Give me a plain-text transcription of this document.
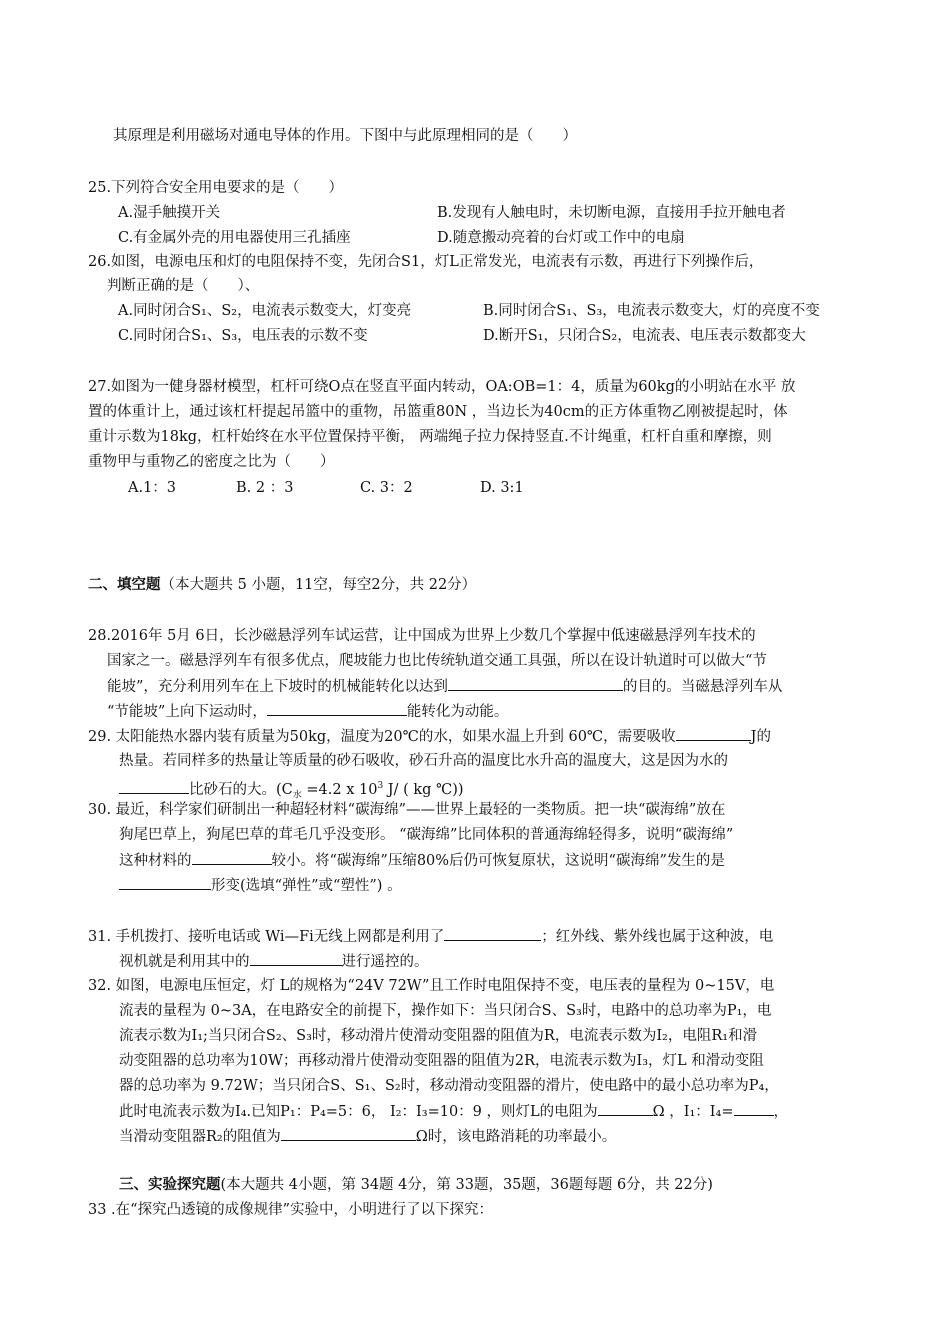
其原理是利用磁场对通电导体的作用。下图中与此原理相同的是（　　）
25.下列符合安全用电要求的是（　　）
A.湿手触摸开关	B.发现有人触电时，未切断电源，直接用手拉开触电者
C.有金属外壳的用电器使用三孔插座	D.随意搬动亮着的台灯或工作中的电扇
26.如图，电源电压和灯的电阻保持不变，先闭合S1，灯L正常发光，电流表有示数，再进行下列操作后，
判断正确的是（　　）、
A.同时闭合S₁、S₂，电流表示数变大，灯变亮	B.同时闭合S₁、S₃，电流表示数变大，灯的亮度不变
C.同时闭合S₁、S₃，电压表的示数不变	D.断开S₁，只闭合S₂，电流表、电压表示数都变大
27.如图为一健身器材模型，杠杆可绕O点在竖直平面内转动，OA:OB=1：4，质量为60kg的小明站在水平 放
置的体重计上，通过该杠杆提起吊篮中的重物，吊篮重80N ，当边长为40cm的正方体重物乙刚被提起时，体
重计示数为18kg，杠杆始终在水平位置保持平衡， 两端绳子拉力保持竖直.不计绳重，杠杆自重和摩擦，则
重物甲与重物乙的密度之比为（　　）
A.1：3	B. 2 ：3	C. 3：2	D. 3:1
二、填空题（本大题共 5 小题，11空，每空2分，共 22分）
28.2016年 5月 6日，长沙磁悬浮列车试运营，让中国成为世界上少数几个掌握中低速磁悬浮列车技术的
国家之一。磁悬浮列车有很多优点，爬坡能力也比传统轨道交通工具强，所以在设计轨道时可以做大“节
能坡”，充分利用列车在上下坡时的机械能转化以达到	的目的。当磁悬浮列车从
“节能坡”上向下运动时，	能转化为动能。
29. 太阳能热水器内装有质量为50kg，温度为20℃的水，如果水温上升到 60℃，需要吸收	J的
热量。若同样多的热量让等质量的砂石吸收，砂石升高的温度比水升高的温度大，这是因为水的
比砂石的大。($C_水 =4.2$ x $10^3$ J/ ( kg ℃))
30. 最近，科学家们研制出一种超轻材料“碳海绵”——世界上最轻的一类物质。把一块“碳海绵”放在
狗尾巴草上，狗尾巴草的茸毛几乎没变形。 “碳海绵”比同体积的普通海绵轻得多，说明“碳海绵”
这种材料的	较小。将“碳海绵”压缩80%后仍可恢复原状，这说明“碳海绵”发生的是
形变(选填“弹性”或“塑性”) 。
31. 手机拨打、接听电话或 Wi—Fi无线上网都是利用了	；红外线、紫外线也属于这种波，电
视机就是利用其中的	进行遥控的。
32. 如图，电源电压恒定，灯 L的规格为“24V 72W”且工作时电阻保持不变，电压表的量程为 0~15V，电
流表的量程为 0~3A，在电路安全的前提下，操作如下：当只闭合S、S₃时，电路中的总功率为P₁，电
流表示数为I₁;当只闭合S₂、S₃时，移动滑片使滑动变阻器的阻值为R，电流表示数为I₂，电阻R₁和滑
动变阻器的总功率为10W；再移动滑片使滑动变阻器的阻值为2R，电流表示数为I₃，灯L 和滑动变阻
器的总功率为 9.72W；当只闭合S、S₁、S₂时，移动滑动变阻器的滑片，使电路中的最小总功率为P₄，
此时电流表示数为I₄.已知P₁：P₄=5：6， I₂：I₃=10：9 ，则灯L的电阻为	Ω ，I₁：I₄=	，
当滑动变阻器R₂的阻值为	Ω时，该电路消耗的功率最小。
三、实验探究题(本大题共 4小题，第 34题 4分，第 33题，35题，36题每题 6分，共 22分)
33 .在“探究凸透镜的成像规律”实验中，小明进行了以下探究：
